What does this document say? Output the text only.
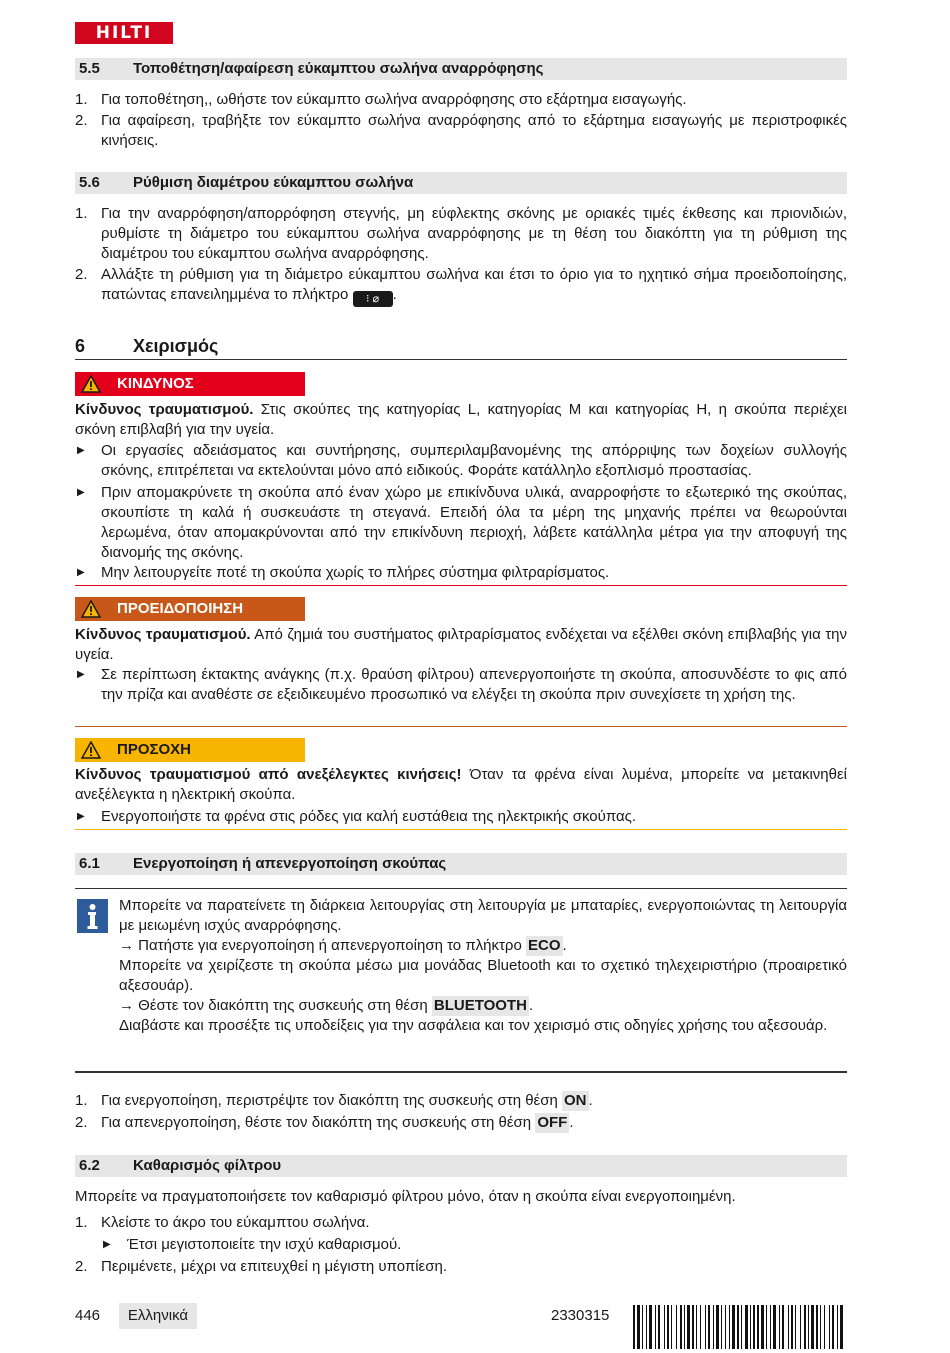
HILTI
5.5 Τοποθέτηση/αφαίρεση εύκαμπτου σωλήνα αναρρόφησης
1. Για τοποθέτηση,, ωθήστε τον εύκαμπτο σωλήνα αναρρόφησης στο εξάρτημα εισαγωγής.
2. Για αφαίρεση, τραβήξτε τον εύκαμπτο σωλήνα αναρρόφησης από το εξάρτημα εισαγωγής με περιστροφικές κινήσεις.
5.6 Ρύθμιση διαμέτρου εύκαμπτου σωλήνα
1. Για την αναρρόφηση/απορρόφηση στεγνής, μη εύφλεκτης σκόνης με οριακές τιμές έκθεσης και πριονιδιών, ρυθμίστε τη διάμετρο του εύκαμπτου σωλήνα αναρρόφησης με τη θέση του διακόπτη για τη ρύθμιση της διαμέτρου του εύκαμπτου σωλήνα αναρρόφησης.
2. Αλλάξτε τη ρύθμιση για τη διάμετρο εύκαμπτου σωλήνα και έτσι το όριο για το ηχητικό σήμα προειδοποίησης, πατώντας επανειλημμένα το πλήκτρο ⁝ ⌀ .
6	Χειρισμός
ΚΙΝΔΥΝΟΣ
Κίνδυνος τραυματισμού. Στις σκούπες της κατηγορίας L, κατηγορίας M και κατηγορίας H, η σκούπα περιέχει σκόνη επιβλαβή για την υγεία.
▶ Οι εργασίες αδειάσματος και συντήρησης, συμπεριλαμβανομένης της απόρριψης των δοχείων συλλογής σκόνης, επιτρέπεται να εκτελούνται μόνο από ειδικούς. Φοράτε κατάλληλο εξοπλισμό προστασίας.
▶ Πριν απομακρύνετε τη σκούπα από έναν χώρο με επικίνδυνα υλικά, αναρροφήστε το εξωτερικό της σκούπας, σκουπίστε τη καλά ή συσκευάστε τη στεγανά. Επειδή όλα τα μέρη της μηχανής πρέπει να θεωρούνται λερωμένα, όταν απομακρύνονται από την επικίνδυνη περιοχή, λάβετε κατάλληλα μέτρα για την αποφυγή της διανομής της σκόνης.
▶ Μην λειτουργείτε ποτέ τη σκούπα χωρίς το πλήρες σύστημα φιλτραρίσματος.
ΠΡΟΕΙΔΟΠΟΙΗΣΗ
Κίνδυνος τραυματισμού. Από ζημιά του συστήματος φιλτραρίσματος ενδέχεται να εξέλθει σκόνη επιβλαβής για την υγεία.
▶ Σε περίπτωση έκτακτης ανάγκης (π.χ. θραύση φίλτρου) απενεργοποιήστε τη σκούπα, αποσυνδέστε το φις από την πρίζα και αναθέστε σε εξειδικευμένο προσωπικό να ελέγξει τη σκούπα πριν συνεχίσετε τη χρήση της.
ΠΡΟΣΟΧΗ
Κίνδυνος τραυματισμού από ανεξέλεγκτες κινήσεις! Όταν τα φρένα είναι λυμένα, μπορείτε να μετακινηθεί ανεξέλεγκτα η ηλεκτρική σκούπα.
▶ Ενεργοποιήστε τα φρένα στις ρόδες για καλή ευστάθεια της ηλεκτρικής σκούπας.
6.1 Ενεργοποίηση ή απενεργοποίηση σκούπας

Μπορείτε να παρατείνετε τη διάρκεια λειτουργίας στη λειτουργία με μπαταρίες, ενεργοποιώντας τη λειτουργία με μειωμένη ισχύς αναρρόφησης.

→ Πατήστε για ενεργοποίηση ή απενεργοποίηση το πλήκτρο ECO .

Μπορείτε να χειρίζεστε τη σκούπα μέσω μια μονάδας Bluetooth και το σχετικό τηλεχειριστήριο (προαιρετικό αξεσουάρ).

→ Θέστε τον διακόπτη της συσκευής στη θέση BLUETOOTH .

Διαβάστε και προσέξτε τις υποδείξεις για την ασφάλεια και τον χειρισμό στις οδηγίες χρήσης του αξεσουάρ.

1. Για ενεργοποίηση, περιστρέψτε τον διακόπτη της συσκευής στη θέση ON .
2. Για απενεργοποίηση, θέστε τον διακόπτη της συσκευής στη θέση OFF .
6.2 Καθαρισμός φίλτρου
Μπορείτε να πραγματοποιήσετε τον καθαρισμό φίλτρου μόνο, όταν η σκούπα είναι ενεργοποιημένη.
1. Κλείστε το άκρο του εύκαμπτου σωλήνα.
▶ Έτσι μεγιστοποιείτε την ισχύ καθαρισμού.
2. Περιμένετε, μέχρι να επιτευχθεί η μέγιστη υποπίεση.
446	Ελληνικά	2330315
